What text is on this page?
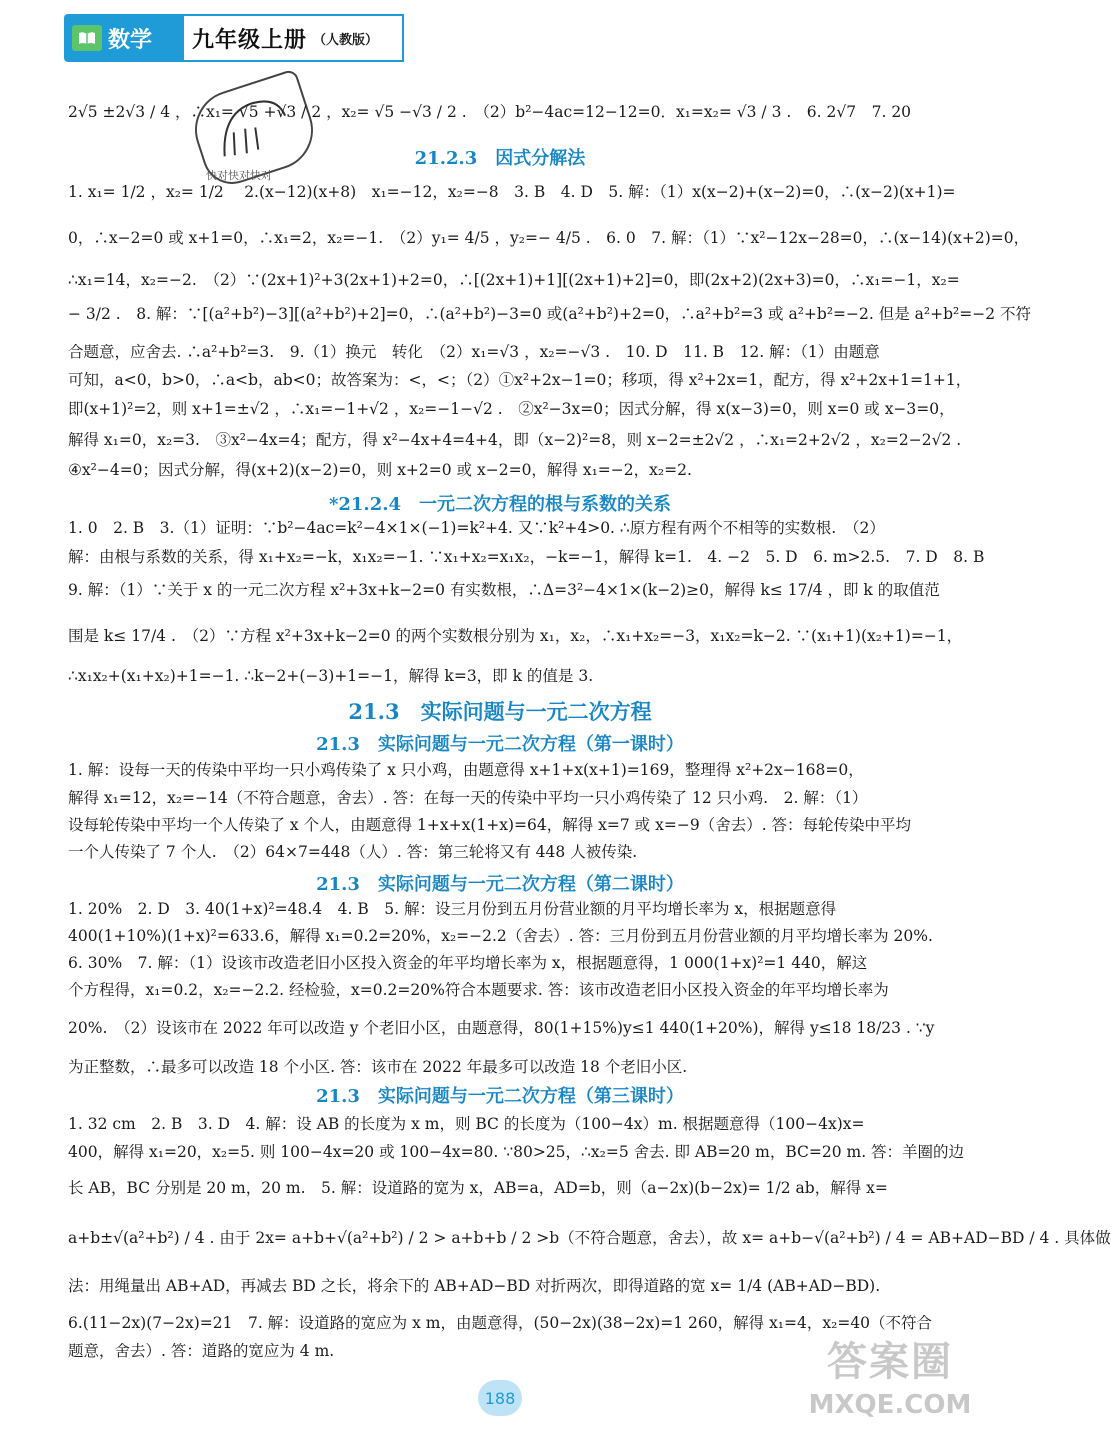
数学 九年级上册 （人教版）
快对快对快对
2√5 ±2√3 / 4 ，∴x₁= √5 +√3 / 2 ，x₂= √5 −√3 / 2 .　（2）b²−4ac=12−12=0．x₁=x₂= √3 / 3 .　6. 2√7　7. 20
21.2.3　因式分解法
1. x₁= 1/2 ，x₂= 1/2 　2.(x−12)(x+8)　x₁=−12，x₂=−8　3. B　4. D　5. 解：（1）x(x−2)+(x−2)=0，∴(x−2)(x+1)=
0，∴x−2=0 或 x+1=0，∴x₁=2，x₂=−1.　（2）y₁= 4/5 ，y₂=− 4/5 .　6. 0　7. 解：（1）∵x²−12x−28=0，∴(x−14)(x+2)=0，
∴x₁=14，x₂=−2.　（2）∵(2x+1)²+3(2x+1)+2=0，∴[(2x+1)+1][(2x+1)+2]=0，即(2x+2)(2x+3)=0，∴x₁=−1，x₂=
− 3/2 .　8. 解：∵[(a²+b²)−3][(a²+b²)+2]=0，∴(a²+b²)−3=0 或(a²+b²)+2=0，∴a²+b²=3 或 a²+b²=−2. 但是 a²+b²=−2 不符
合题意，应舍去. ∴a²+b²=3.　9.（1）换元　转化　（2）x₁=√3 ，x₂=−√3 .　10. D　11. B　12. 解：（1）由题意
可知，a<0，b>0，∴a<b，ab<0；故答案为：<，<；（2）①x²+2x−1=0；移项，得 x²+2x=1，配方，得 x²+2x+1=1+1，
即(x+1)²=2，则 x+1=±√2 ，∴x₁=−1+√2 ，x₂=−1−√2 .　②x²−3x=0；因式分解，得 x(x−3)=0，则 x=0 或 x−3=0，
解得 x₁=0，x₂=3.　③x²−4x=4；配方，得 x²−4x+4=4+4，即（x−2)²=8，则 x−2=±2√2 ，∴x₁=2+2√2 ，x₂=2−2√2 .
④x²−4=0；因式分解，得(x+2)(x−2)=0，则 x+2=0 或 x−2=0，解得 x₁=−2，x₂=2.
*21.2.4　一元二次方程的根与系数的关系
1. 0　2. B　3.（1）证明：∵b²−4ac=k²−4×1×(−1)=k²+4. 又∵k²+4>0. ∴原方程有两个不相等的实数根.　（2）
解：由根与系数的关系，得 x₁+x₂=−k，x₁x₂=−1. ∵x₁+x₂=x₁x₂，−k=−1，解得 k=1.　4. −2　5. D　6. m>2.5.　7. D　8. B
9. 解：（1）∵关于 x 的一元二次方程 x²+3x+k−2=0 有实数根，∴Δ=3²−4×1×(k−2)≥0，解得 k≤ 17/4 ，即 k 的取值范
围是 k≤ 17/4 .　（2）∵方程 x²+3x+k−2=0 的两个实数根分别为 x₁，x₂，∴x₁+x₂=−3，x₁x₂=k−2. ∵(x₁+1)(x₂+1)=−1，
∴x₁x₂+(x₁+x₂)+1=−1. ∴k−2+(−3)+1=−1，解得 k=3，即 k 的值是 3.
21.3　实际问题与一元二次方程
21.3　实际问题与一元二次方程（第一课时）
1. 解：设每一天的传染中平均一只小鸡传染了 x 只小鸡，由题意得 x+1+x(x+1)=169，整理得 x²+2x−168=0，
解得 x₁=12，x₂=−14（不符合题意，舍去）. 答：在每一天的传染中平均一只小鸡传染了 12 只小鸡.　2. 解：（1）
设每轮传染中平均一个人传染了 x 个人，由题意得 1+x+x(1+x)=64，解得 x=7 或 x=−9（舍去）. 答：每轮传染中平均
一个人传染了 7 个人.　（2）64×7=448（人）. 答：第三轮将又有 448 人被传染.
21.3　实际问题与一元二次方程（第二课时）
1. 20%　2. D　3. 40(1+x)²=48.4　4. B　5. 解：设三月份到五月份营业额的月平均增长率为 x，根据题意得
400(1+10%)(1+x)²=633.6，解得 x₁=0.2=20%，x₂=−2.2（舍去）. 答：三月份到五月份营业额的月平均增长率为 20%.
6. 30%　7. 解：（1）设该市改造老旧小区投入资金的年平均增长率为 x，根据题意得，1 000(1+x)²=1 440，解这
个方程得，x₁=0.2，x₂=−2.2. 经检验，x=0.2=20%符合本题要求. 答：该市改造老旧小区投入资金的年平均增长率为
20%.　（2）设该市在 2022 年可以改造 y 个老旧小区，由题意得，80(1+15%)y≤1 440(1+20%)，解得 y≤18 18/23 . ∵y
为正整数，∴最多可以改造 18 个小区. 答：该市在 2022 年最多可以改造 18 个老旧小区.
21.3　实际问题与一元二次方程（第三课时）
1. 32 cm　2. B　3. D　4. 解：设 AB 的长度为 x m，则 BC 的长度为（100−4x）m. 根据题意得（100−4x)x=
400，解得 x₁=20，x₂=5. 则 100−4x=20 或 100−4x=80. ∵80>25，∴x₂=5 舍去. 即 AB=20 m，BC=20 m. 答：羊圈的边
长 AB，BC 分别是 20 m，20 m.　5. 解：设道路的宽为 x，AB=a，AD=b，则（a−2x)(b−2x)= 1/2 ab，解得 x=
a+b±√(a²+b²) / 4 . 由于 2x= a+b+√(a²+b²) / 2 > a+b+b / 2 >b（不符合题意，舍去），故 x= a+b−√(a²+b²) / 4 = AB+AD−BD / 4 . 具体做
法：用绳量出 AB+AD，再减去 BD 之长，将余下的 AB+AD−BD 对折两次，即得道路的宽 x= 1/4 (AB+AD−BD).
6.(11−2x)(7−2x)=21　7. 解：设道路的宽应为 x m，由题意得，(50−2x)(38−2x)=1 260，解得 x₁=4，x₂=40（不符合
题意，舍去）. 答：道路的宽应为 4 m.
188
答案圈
MXQE.COM
